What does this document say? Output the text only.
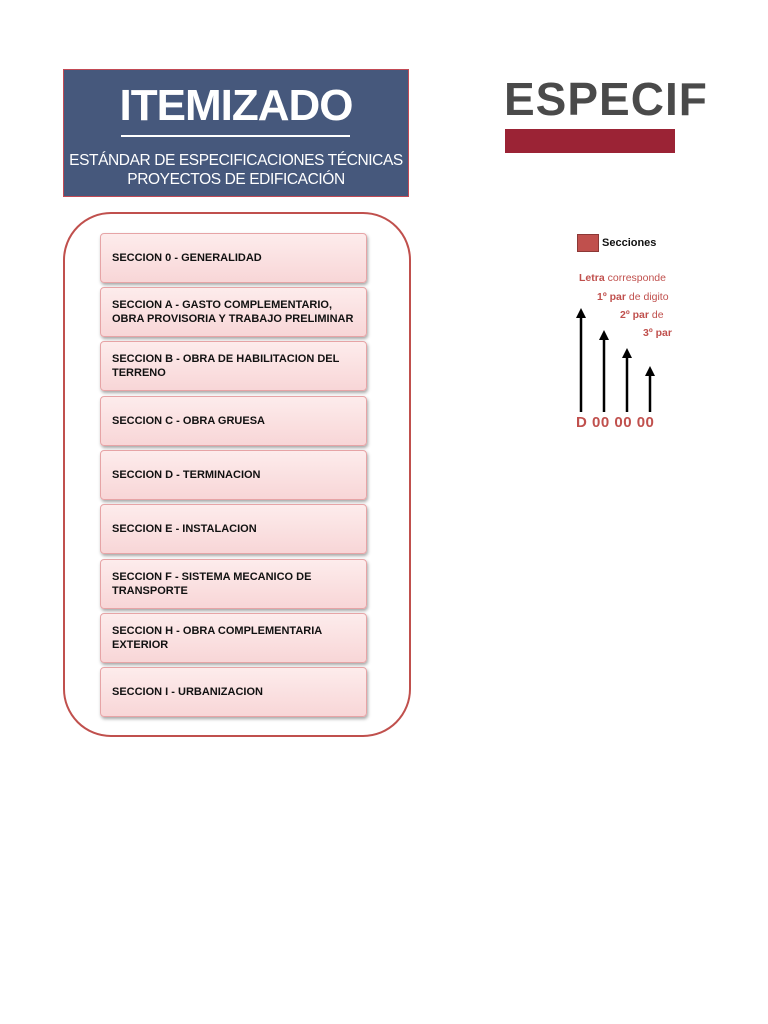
ITEMIZADO
ESTÁNDAR DE ESPECIFICACIONES TÉCNICAS
PROYECTOS DE EDIFICACIÓN
SECCION 0 - GENERALIDAD
SECCION A - GASTO COMPLEMENTARIO, OBRA PROVISORIA Y TRABAJO PRELIMINAR
SECCION B - OBRA DE HABILITACION DEL TERRENO
SECCION C - OBRA GRUESA
SECCION D - TERMINACION
SECCION E - INSTALACION
SECCION F - SISTEMA MECANICO DE TRANSPORTE
SECCION H - OBRA COMPLEMENTARIA EXTERIOR
SECCION I - URBANIZACION
ESPECIF
Secciones
Letra corresponde
1º par de digito
2º par de
3º par
D 00 00 00
